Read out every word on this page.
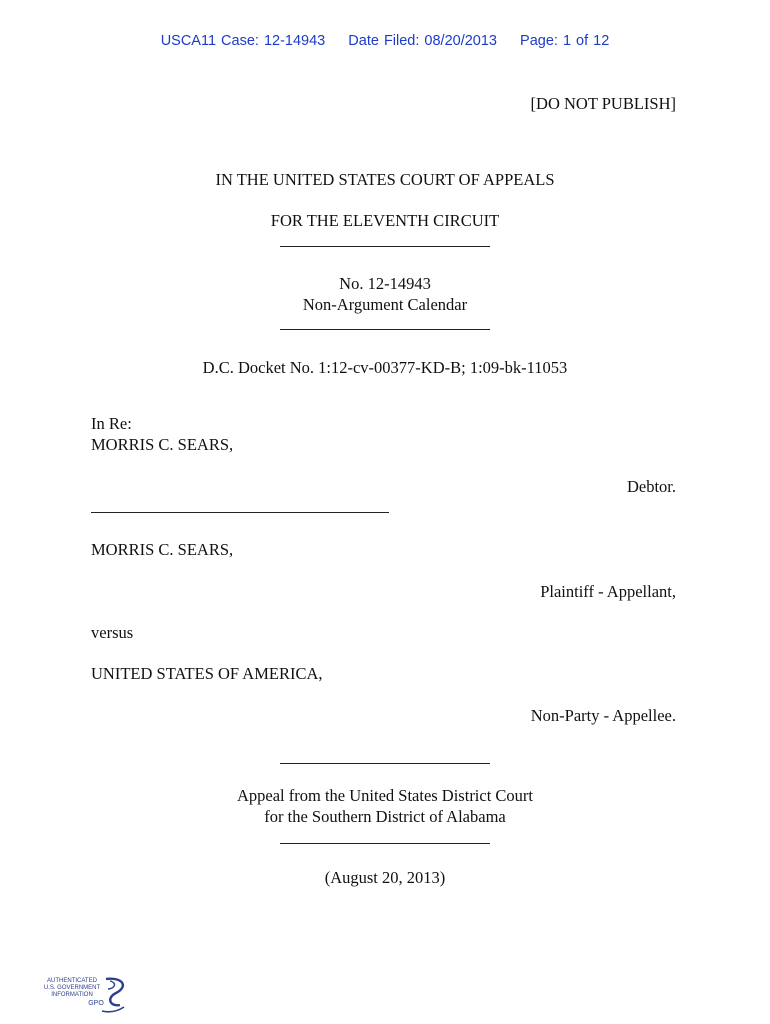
USCA11 Case: 12-14943 Date Filed: 08/20/2013 Page: 1 of 12
[DO NOT PUBLISH]
IN THE UNITED STATES COURT OF APPEALS
FOR THE ELEVENTH CIRCUIT
No. 12-14943
Non-Argument Calendar
D.C. Docket No. 1:12-cv-00377-KD-B; 1:09-bk-11053
In Re:
MORRIS C. SEARS,
Debtor.
MORRIS C. SEARS,
Plaintiff - Appellant,
versus
UNITED STATES OF AMERICA,
Non-Party - Appellee.
Appeal from the United States District Court
for the Southern District of Alabama
(August 20, 2013)
AUTHENTICATED
U.S. GOVERNMENT
INFORMATION
GPO
